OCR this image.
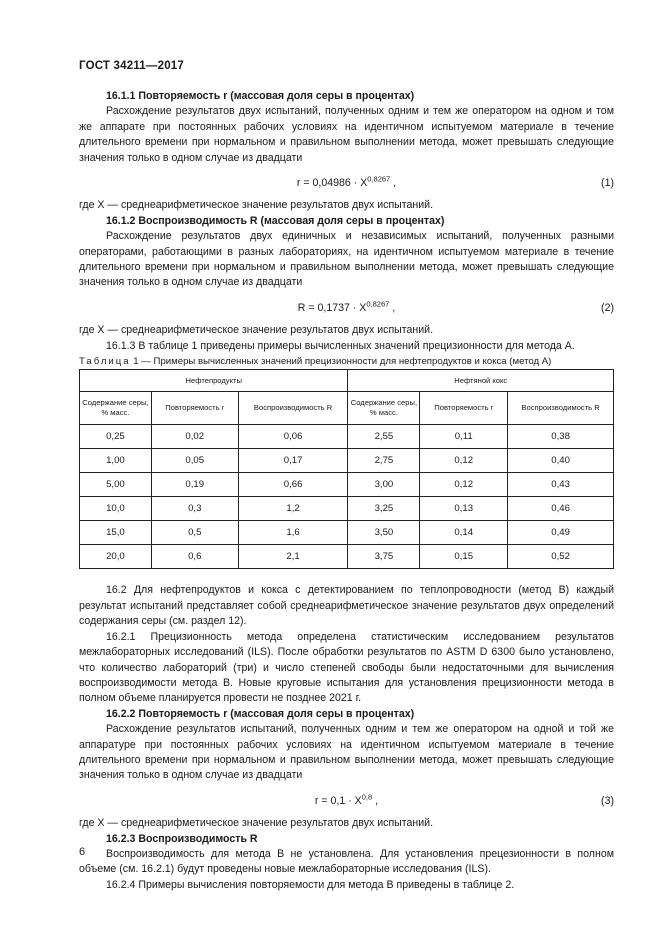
ГОСТ 34211—2017

16.1.1 Повторяемость r (массовая доля серы в процентах)

Расхождение результатов двух испытаний, полученных одним и тем же оператором на одном и том же аппарате при постоянных рабочих условиях на идентичном испытуемом материале в течение длительного времени при нормальном и правильном выполнении метода, может превышать следующие значения только в одном случае из двадцати

$r = 0,04986 \cdot X^{0,8267}$ ,	(1)

где X — среднеарифметическое значение результатов двух испытаний.

16.1.2 Воспроизводимость R (массовая доля серы в процентах)

Расхождение результатов двух единичных и независимых испытаний, полученных разными операторами, работающими в разных лабораториях, на идентичном испытуемом материале в течение длительного времени при нормальном и правильном выполнении метода, может превышать следующие значения только в одном случае из двадцати

$R = 0,1737 \cdot X^{0,8267}$ ,	(2)

где X — среднеарифметическое значение результатов двух испытаний.

16.1.3 В таблице 1 приведены примеры вычисленных значений прецизионности для метода А.

Таблица 1 — Примеры вычисленных значений прецизионности для нефтепродуктов и кокса (метод А)

Нефтепродукты			Нефтяной кокс		
Содержание серы, % масс.	Повторяемость r	Воспроизводимость R	Содержание серы, % масс.	Повторяемость r	Воспроизводимость R
0,25	0,02	0,06	2,55	0,11	0,38
1,00	0,05	0,17	2,75	0,12	0,40
5,00	0,19	0,66	3,00	0,12	0,43
10,0	0,3	1,2	3,25	0,13	0,46
15,0	0,5	1,6	3,50	0,14	0,49
20,0	0,6	2,1	3,75	0,15	0,52

16.2 Для нефтепродуктов и кокса с детектированием по теплопроводности (метод В) каждый результат испытаний представляет собой среднеарифметическое значение результатов двух определений содержания серы (см. раздел 12).

16.2.1 Прецизионность метода определена статистическим исследованием результатов межлабораторных исследований (ILS). После обработки результатов по ASTM D 6300 было установлено, что количество лабораторий (три) и число степеней свободы были недостаточными для вычисления воспроизводимости метода В. Новые круговые испытания для установления прецизионности метода в полном объеме планируется провести не позднее 2021 г.

16.2.2 Повторяемость r (массовая доля серы в процентах)

Расхождение результатов испытаний, полученных одним и тем же оператором на одной и той же аппаратуре при постоянных рабочих условиях на идентичном испытуемом материале в течение длительного времени при нормальном и правильном выполнении метода, может превышать следующие значения только в одном случае из двадцати

r = 0,1 · X$^{0,8}$ ,	(3)

где X — среднеарифметическое значение результатов двух испытаний.

16.2.3 Воспроизводимость R

Воспроизводимость для метода В не установлена. Для установления прецезионности в полном объеме (см. 16.2.1) будут проведены новые межлабораторные исследования (ILS).

16.2.4 Примеры вычисления повторяемости для метода В приведены в таблице 2.

6
